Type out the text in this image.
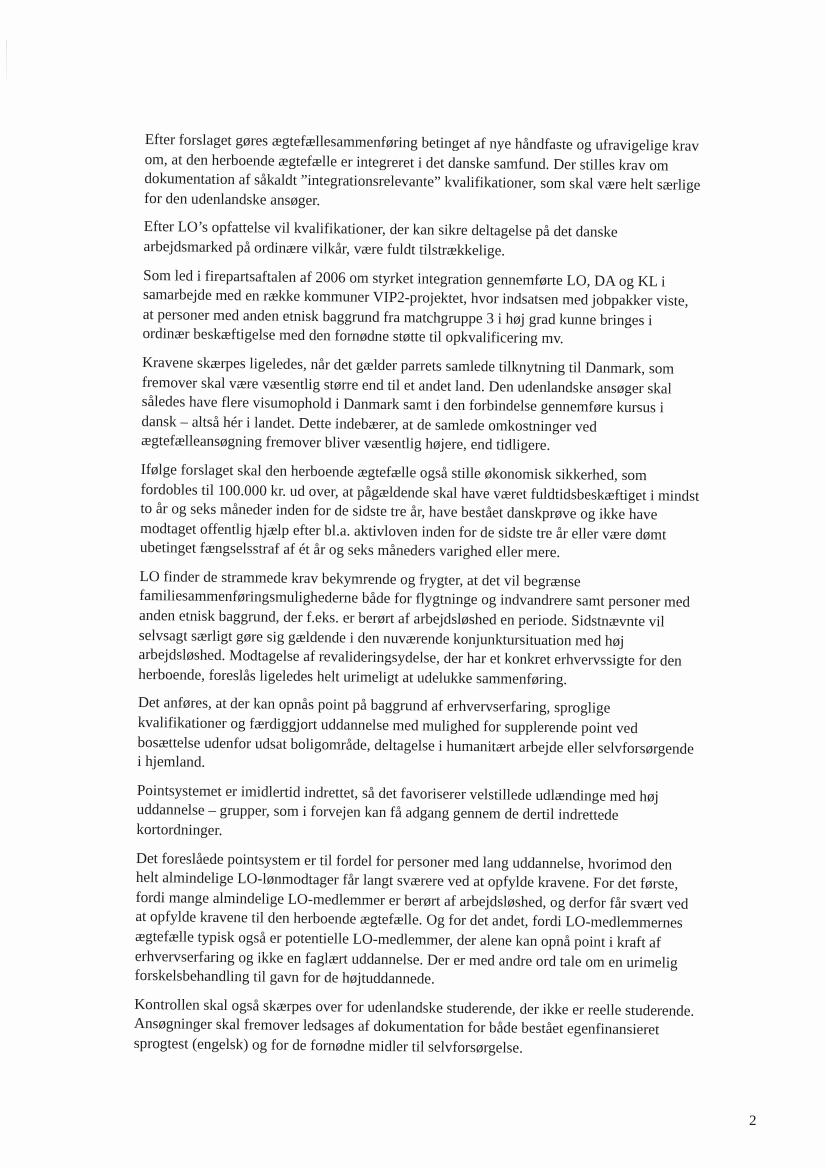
Efter forslaget gøres ægtefællesammenføring betinget af nye håndfaste og ufravigelige krav om, at den herboende ægtefælle er integreret i det danske samfund. Der stilles krav om dokumentation af såkaldt ”integrationsrelevante” kvalifikationer, som skal være helt særlige for den udenlandske ansøger.

Efter LO’s opfattelse vil kvalifikationer, der kan sikre deltagelse på det danske arbejdsmarked på ordinære vilkår, være fuldt tilstrækkelige.

Som led i firepartsaftalen af 2006 om styrket integration gennemførte LO, DA og KL i samarbejde med en række kommuner VIP2-projektet, hvor indsatsen med jobpakker viste, at personer med anden etnisk baggrund fra matchgruppe 3 i høj grad kunne bringes i ordinær beskæftigelse med den fornødne støtte til opkvalificering mv.

Kravene skærpes ligeledes, når det gælder parrets samlede tilknytning til Danmark, som fremover skal være væsentlig større end til et andet land. Den udenlandske ansøger skal således have flere visumophold i Danmark samt i den forbindelse gennemføre kursus i dansk – altså hér i landet. Dette indebærer, at de samlede omkostninger ved ægtefælleansøgning fremover bliver væsentlig højere, end tidligere.

Ifølge forslaget skal den herboende ægtefælle også stille økonomisk sikkerhed, som fordobles til 100.000 kr. ud over, at pågældende skal have været fuldtidsbeskæftiget i mindst to år og seks måneder inden for de sidste tre år, have bestået danskprøve og ikke have modtaget offentlig hjælp efter bl.a. aktivloven inden for de sidste tre år eller være dømt ubetinget fængselsstraf af ét år og seks måneders varighed eller mere.

LO finder de strammede krav bekymrende og frygter, at det vil begrænse familiesammenføringsmulighederne både for flygtninge og indvandrere samt personer med anden etnisk baggrund, der f.eks. er berørt af arbejdsløshed en periode. Sidstnævnte vil selvsagt særligt gøre sig gældende i den nuværende konjunktursituation med høj arbejdsløshed. Modtagelse af revalideringsydelse, der har et konkret erhvervssigte for den herboende, foreslås ligeledes helt urimeligt at udelukke sammenføring.

Det anføres, at der kan opnås point på baggrund af erhvervserfaring, sproglige kvalifikationer og færdiggjort uddannelse med mulighed for supplerende point ved bosættelse udenfor udsat boligområde, deltagelse i humanitært arbejde eller selvforsørgende i hjemland.

Pointsystemet er imidlertid indrettet, så det favoriserer velstillede udlændinge med høj uddannelse – grupper, som i forvejen kan få adgang gennem de dertil indrettede kortordninger.

Det foreslåede pointsystem er til fordel for personer med lang uddannelse, hvorimod den helt almindelige LO-lønmodtager får langt sværere ved at opfylde kravene. For det første, fordi mange almindelige LO-medlemmer er berørt af arbejdsløshed, og derfor får svært ved at opfylde kravene til den herboende ægtefælle. Og for det andet, fordi LO-medlemmernes ægtefælle typisk også er potentielle LO-medlemmer, der alene kan opnå point i kraft af erhvervserfaring og ikke en faglært uddannelse. Der er med andre ord tale om en urimelig forskelsbehandling til gavn for de højtuddannede.

Kontrollen skal også skærpes over for udenlandske studerende, der ikke er reelle studerende. Ansøgninger skal fremover ledsages af dokumentation for både bestået egenfinansieret sprogtest (engelsk) og for de fornødne midler til selvforsørgelse.

2
